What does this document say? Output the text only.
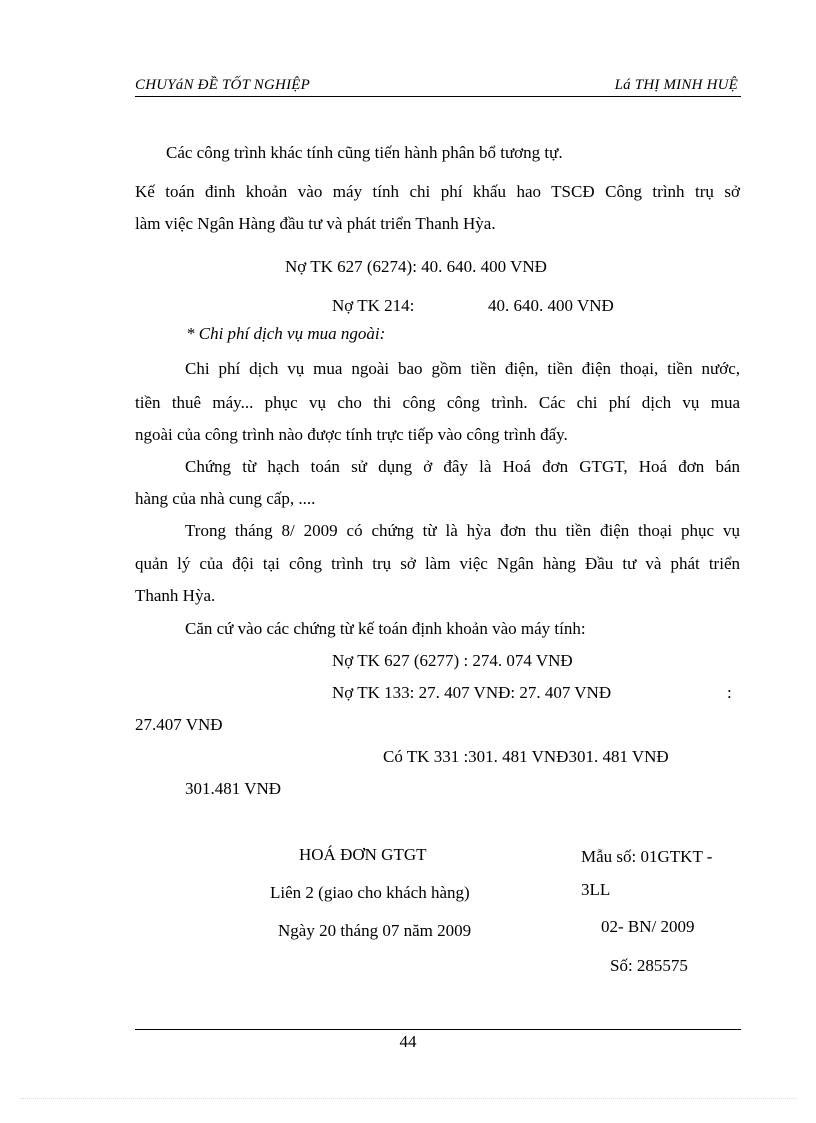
CHUYáN ĐỀ TỐT NGHIỆP	Lá THỊ MINH HUỆ
Các công trình khác tính cũng tiến hành phân bổ tương tự.
Kế toán đinh khoản vào máy tính chi phí khấu hao TSCĐ Công trình trụ sở
làm việc Ngân Hàng đầu tư và phát triển Thanh Hỳa.
Nợ TK 627 (6274): 40. 640. 400 VNĐ
Nợ TK 214:	40. 640. 400 VNĐ
* Chi phí dịch vụ mua ngoài:
Chi phí dịch vụ mua ngoài bao gồm tiền điện, tiền điện thoại, tiền nước,
tiền thuê máy... phục vụ cho thi công công trình. Các chi phí dịch vụ mua
ngoài của công trình nào được tính trực tiếp vào công trình đấy.
Chứng từ hạch toán sử dụng ở đây là Hoá đơn GTGT, Hoá đơn bán
hàng của nhà cung cấp, ....
Trong tháng 8/ 2009 có chứng từ là hỳa đơn thu tiền điện thoại phục vụ
quản lý của đội tại công trình trụ sở làm việc Ngân hàng Đầu tư và phát triển
Thanh Hỳa.
Căn cứ vào các chứng từ kế toán định khoản vào máy tính:
Nợ TK 627 (6277) : 274. 074 VNĐ
Nợ TK 133: 27. 407 VNĐ: 27. 407 VNĐ	:
27.407 VNĐ
Có TK 331 :301. 481 VNĐ301. 481 VNĐ
301.481 VNĐ
HOÁ ĐƠN GTGT
Liên 2 (giao cho khách hàng)
Ngày 20 tháng 07 năm 2009
Mẫu số: 01GTKT -
3LL
02- BN/ 2009
Số: 285575
44
